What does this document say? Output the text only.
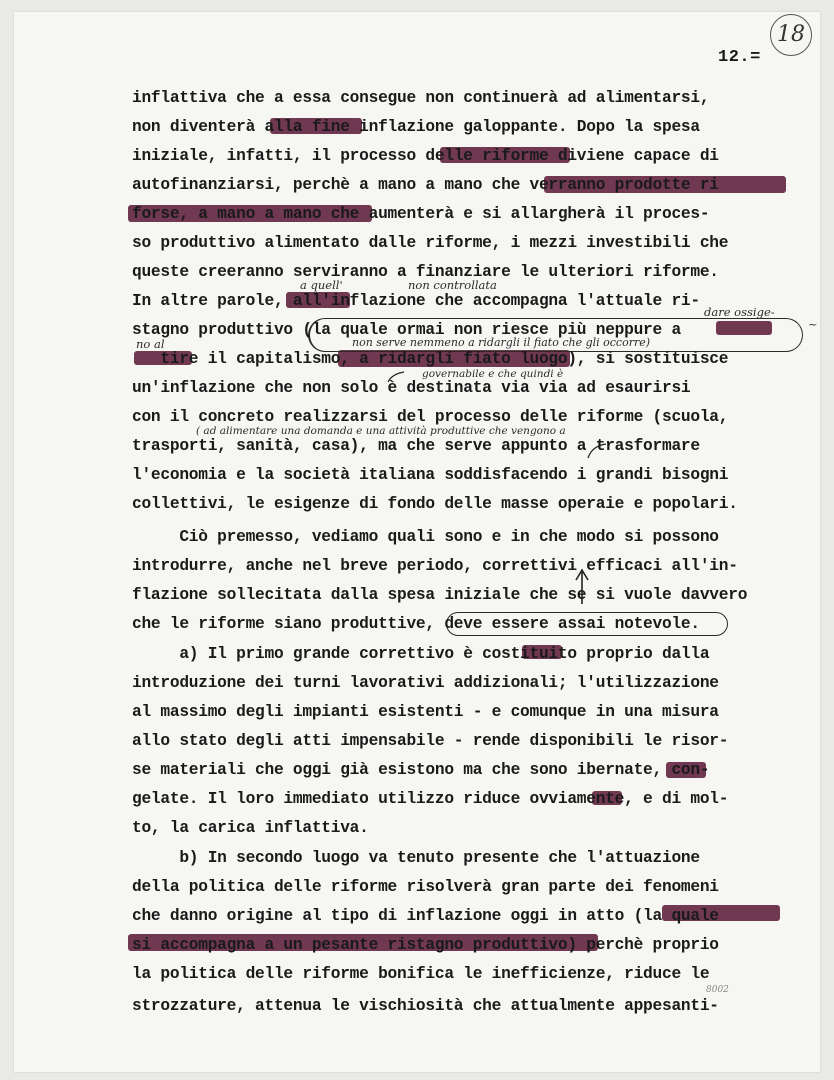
12.=
18
inflattiva che a essa consegue non continuerà ad alimentarsi,
non diventerà alla fine inflazione galoppante. Dopo la spesa
iniziale, infatti, il processo delle riforme diviene capace di
autofinanziarsi, perchè a mano a mano che verranno prodotte ri
forse, a mano a mano che aumenterà e si allargherà il proces-
so produttivo alimentato dalle riforme, i mezzi investibili che
queste creeranno serviranno a finanziare le ulteriori riforme.
In altre parole, all'inflazione che accompagna l'attuale ri-
stagno produttivo (la quale ormai non riesce più neppure a
tire il capitalismo, a ridargli fiato luogo), si sostituisce
un'inflazione che non solo è destinata via via ad esaurirsi
con il concreto realizzarsi del processo delle riforme (scuola,
trasporti, sanità, casa), ma che serve appunto a trasformare
l'economia e la società italiana soddisfacendo i grandi bisogni
collettivi, le esigenze di fondo delle masse operaie e popolari.
Ciò premesso, vediamo quali sono e in che modo si possono
introdurre, anche nel breve periodo, correttivi efficaci all'in-
flazione sollecitata dalla spesa iniziale che se si vuole davvero
che le riforme siano produttive, deve essere assai notevole.
a) Il primo grande correttivo è costituito proprio dalla
introduzione dei turni lavorativi addizionali; l'utilizzazione
al massimo degli impianti esistenti - e comunque in una misura
allo stato degli atti impensabile - rende disponibili le risor-
se materiali che oggi già esistono ma che sono ibernate, con-
gelate. Il loro immediato utilizzo riduce ovviamente, e di mol-
to, la carica inflattiva.
b) In secondo luogo va tenuto presente che l'attuazione
della politica delle riforme risolverà gran parte dei fenomeni
che danno origine al tipo di inflazione oggi in atto (la quale
si accompagna a un pesante ristagno produttivo) perchè proprio
la politica delle riforme bonifica le inefficienze, riduce le
strozzature, attenua le vischiosità che attualmente appesanti-
a quell'	non controllata
dare ossige-
~
no al	non serve nemmeno a ridargli il fiato che gli occorre)
governabile e che quindi è
( ad alimentare una domanda e una attività produttive che vengono a
8002
